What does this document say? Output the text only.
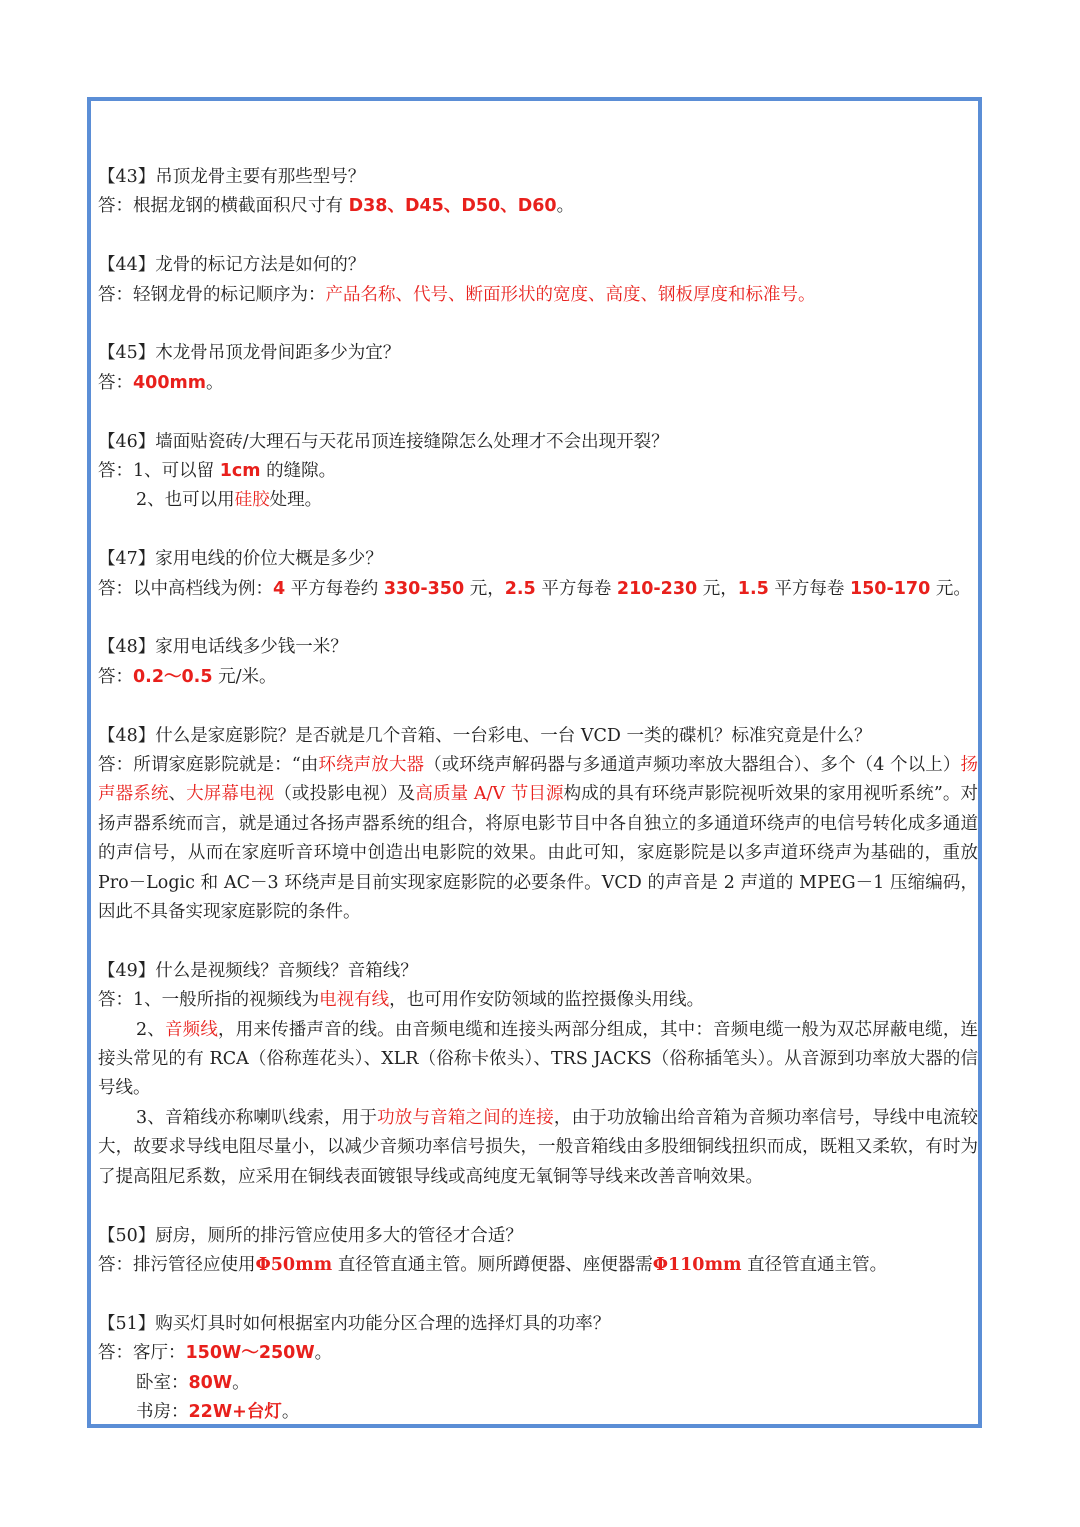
【43】吊顶龙骨主要有那些型号？
答：根据龙钢的横截面积尺寸有 D38、D45、D50、D60。
【44】龙骨的标记方法是如何的？
答：轻钢龙骨的标记顺序为：产品名称、代号、断面形状的宽度、高度、钢板厚度和标准号。
【45】木龙骨吊顶龙骨间距多少为宜？
答：400mm。
【46】墙面贴瓷砖/大理石与天花吊顶连接缝隙怎么处理才不会出现开裂？
答：1、可以留 1cm 的缝隙。
2、也可以用硅胶处理。
【47】家用电线的价位大概是多少？
答：以中高档线为例：4 平方每卷约 330-350 元，2.5 平方每卷 210-230 元，1.5 平方每卷 150-170 元。
【48】家用电话线多少钱一米？
答：0.2～0.5 元/米。
【48】什么是家庭影院？是否就是几个音箱、一台彩电、一台 VCD 一类的碟机？标准究竟是什么？
答：所谓家庭影院就是：“由环绕声放大器（或环绕声解码器与多通道声频功率放大器组合）、多个（4 个以上）扬声器系统、大屏幕电视（或投影电视）及高质量 A/V 节目源构成的具有环绕声影院视听效果的家用视听系统”。对扬声器系统而言，就是通过各扬声器系统的组合，将原电影节目中各自独立的多通道环绕声的电信号转化成多通道的声信号，从而在家庭听音环境中创造出电影院的效果。由此可知，家庭影院是以多声道环绕声为基础的，重放 Pro－Logic 和 AC－3 环绕声是目前实现家庭影院的必要条件。VCD 的声音是 2 声道的 MPEG－1 压缩编码，因此不具备实现家庭影院的条件。
【49】什么是视频线？音频线？音箱线？
答：1、一般所指的视频线为电视有线，也可用作安防领域的监控摄像头用线。
2、音频线，用来传播声音的线。由音频电缆和连接头两部分组成，其中：音频电缆一般为双芯屏蔽电缆，连接头常见的有 RCA（俗称莲花头）、XLR（俗称卡侬头）、TRS JACKS（俗称插笔头）。从音源到功率放大器的信号线。
3、音箱线亦称喇叭线索，用于功放与音箱之间的连接，由于功放输出给音箱为音频功率信号，导线中电流较大，故要求导线电阻尽量小，以减少音频功率信号损失，一般音箱线由多股细铜线扭织而成，既粗又柔软，有时为了提高阻尼系数，应采用在铜线表面镀银导线或高纯度无氧铜等导线来改善音响效果。
【50】厨房，厕所的排污管应使用多大的管径才合适？
答：排污管径应使用Φ50mm 直径管直通主管。厕所蹲便器、座便器需Φ110mm 直径管直通主管。
【51】购买灯具时如何根据室内功能分区合理的选择灯具的功率？
答：客厅：150W～250W。
卧室：80W。
书房：22W+台灯。
